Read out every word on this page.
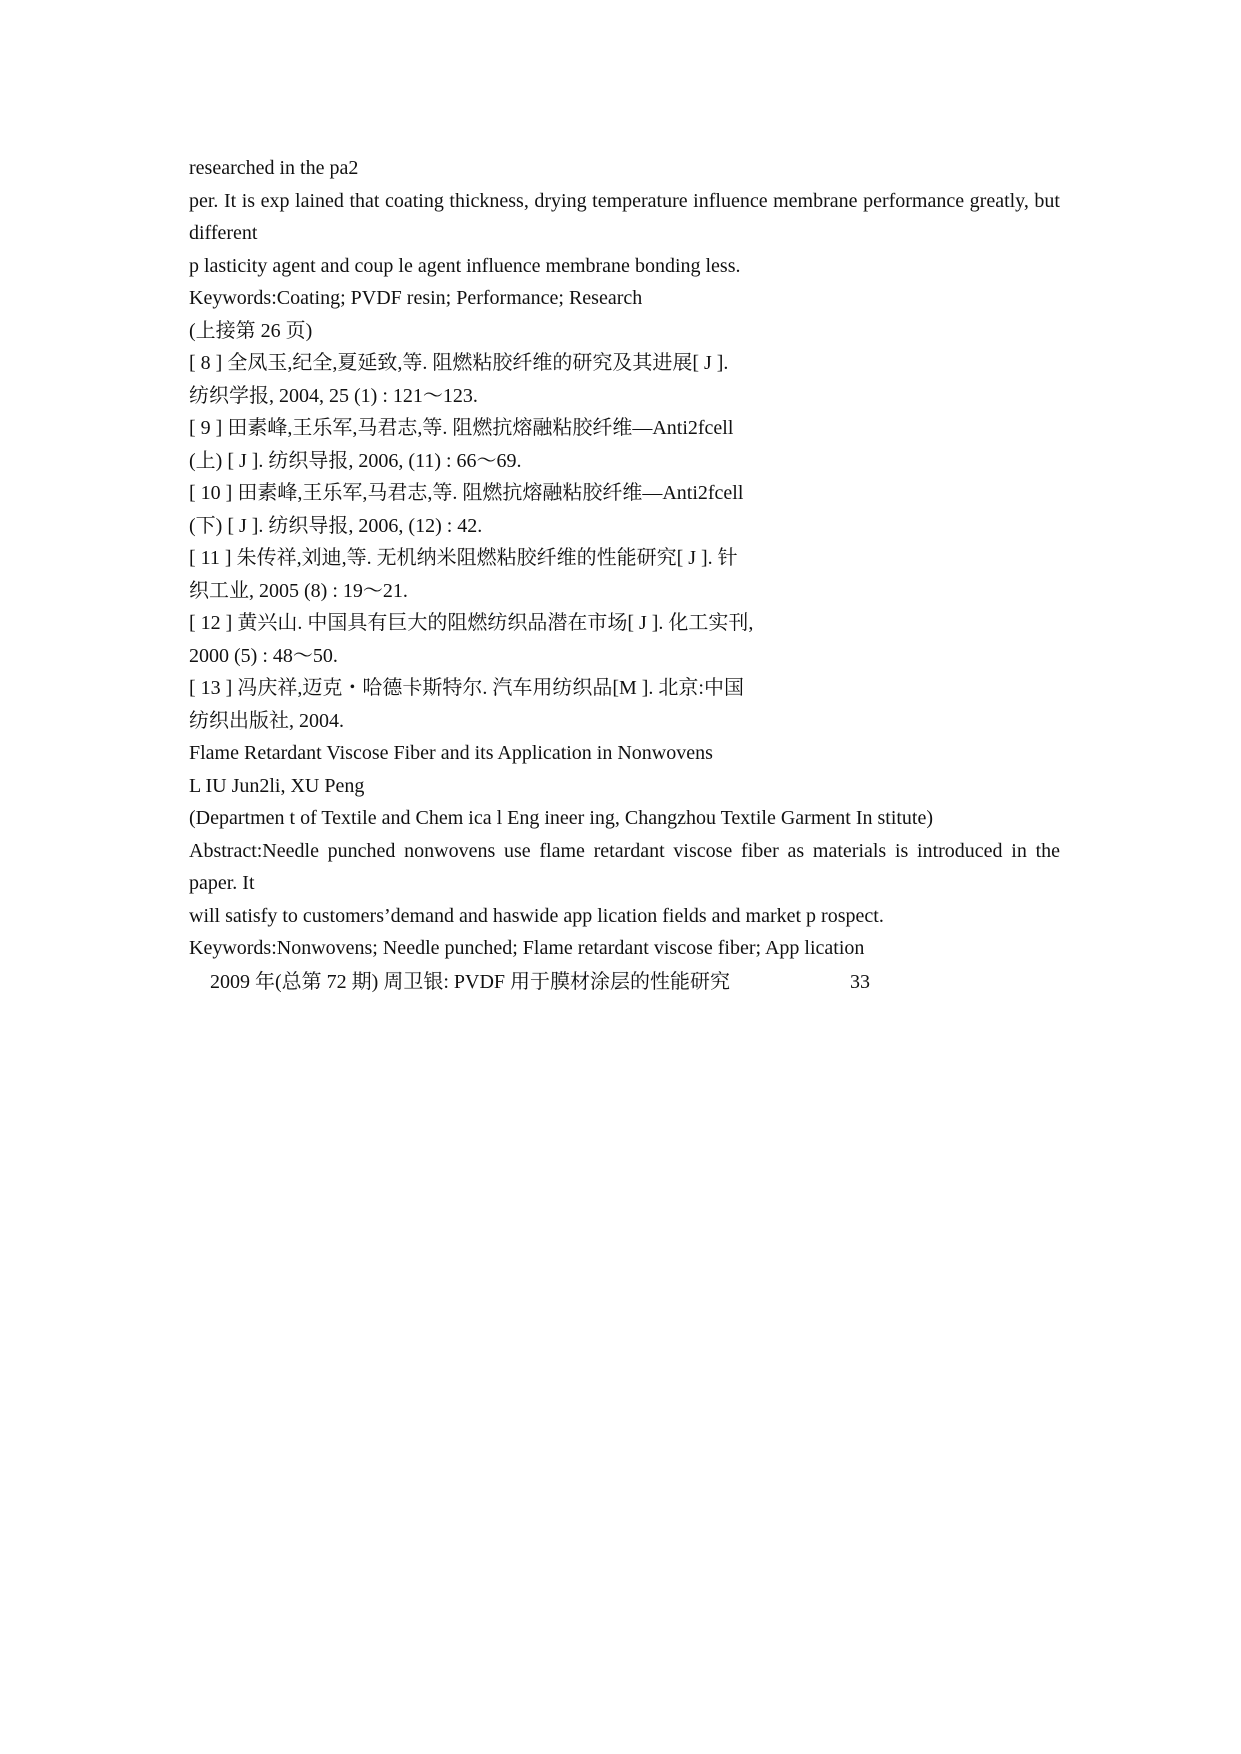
researched in the pa2
per. It is exp lained that coating thickness, drying temperature influence membrane performance greatly, but different
p lasticity agent and coup le agent influence membrane bonding less.
Keywords:Coating; PVDF resin; Performance; Research
(上接第 26 页)
[ 8 ] 全凤玉,纪全,夏延致,等. 阻燃粘胶纤维的研究及其进展[ J ].
纺织学报, 2004, 25 (1) : 121～123.
[ 9 ] 田素峰,王乐军,马君志,等. 阻燃抗熔融粘胶纤维—Anti2fcell
(上) [ J ]. 纺织导报, 2006, (11) : 66～69.
[ 10 ] 田素峰,王乐军,马君志,等. 阻燃抗熔融粘胶纤维—Anti2fcell
(下) [ J ]. 纺织导报, 2006, (12) : 42.
[ 11 ] 朱传祥,刘迪,等. 无机纳米阻燃粘胶纤维的性能研究[ J ]. 针
织工业, 2005 (8) : 19～21.
[ 12 ] 黄兴山. 中国具有巨大的阻燃纺织品潜在市场[ J ]. 化工实刊,
2000 (5) : 48～50.
[ 13 ] 冯庆祥,迈克・哈德卡斯特尔. 汽车用纺织品[M ]. 北京:中国
纺织出版社, 2004.
Flame Retardant Viscose Fiber and its Application in Nonwovens
L IU Jun2li, XU Peng
(Departmen t of Textile and Chem ica l Eng ineer ing, Changzhou Textile Garment In stitute)
Abstract:Needle punched nonwovens use flame retardant viscose fiber as materials is introduced in the paper. It
will satisfy to customers’demand and haswide app lication fields and market p rospect.
Keywords:Nonwovens; Needle punched; Flame retardant viscose fiber; App lication
2009 年(总第 72 期) 周卫银: PVDF 用于膜材涂层的性能研究	33
